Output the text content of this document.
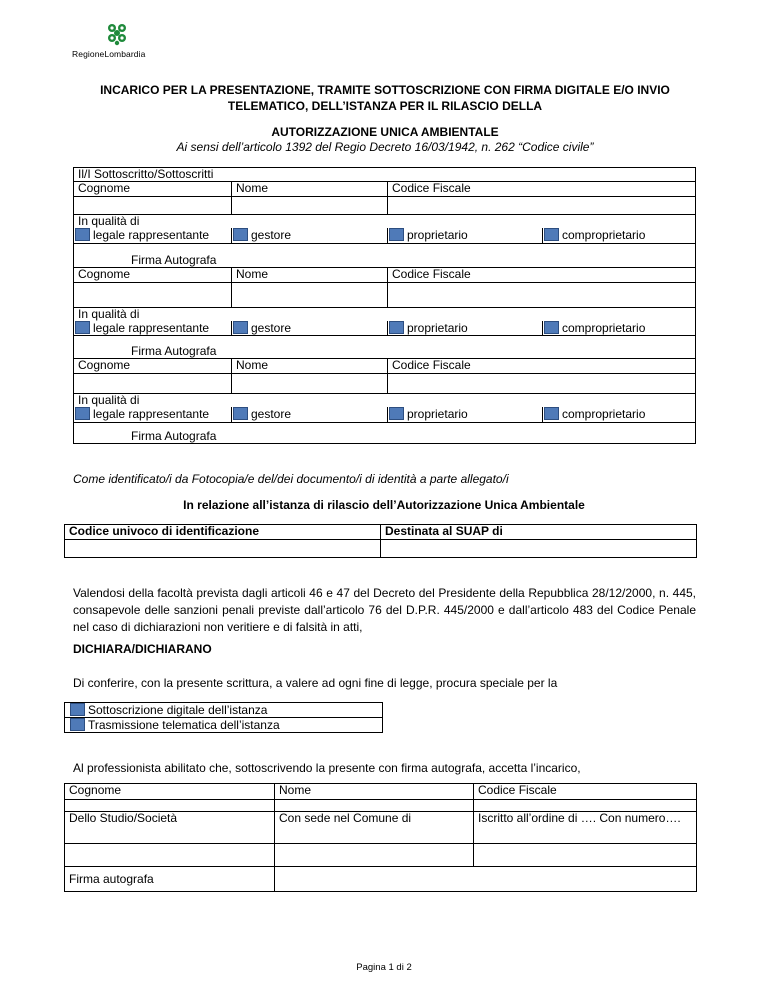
RegioneLombardia
INCARICO PER LA PRESENTAZIONE, TRAMITE SOTTOSCRIZIONE CON FIRMA DIGITALE E/O INVIO
TELEMATICO, DELL’ISTANZA PER IL RILASCIO DELLA
AUTORIZZAZIONE UNICA AMBIENTALE
Ai sensi dell’articolo 1392 del Regio Decreto 16/03/1942, n. 262 “Codice civile”
Il/I Sottoscritto/Sottoscritti			
Cognome	Nome	Codice Fiscale	

In qualità di			
legale rappresentante	gestore	proprietario	comproprietario
Firma Autografa			
Cognome	Nome	Codice Fiscale	

In qualità di			
legale rappresentante	gestore	proprietario	comproprietario
Firma Autografa			
Cognome	Nome	Codice Fiscale	

In qualità di			
legale rappresentante	gestore	proprietario	comproprietario
Firma Autografa			
Come identificato/i da Fotocopia/e del/dei documento/i di identità a parte allegato/i
In relazione all’istanza di rilascio dell’Autorizzazione Unica Ambientale
Codice univoco di identificazione	Destinata al SUAP di

Valendosi della facoltà prevista dagli articoli 46 e 47 del Decreto del Presidente della Repubblica 28/12/2000, n. 445, consapevole delle sanzioni penali previste dall’articolo 76 del D.P.R. 445/2000 e dall’articolo 483 del Codice Penale nel caso di dichiarazioni non veritiere e di falsità in atti,
DICHIARA/DICHIARANO
Di conferire, con la presente scrittura, a valere ad ogni fine di legge, procura speciale per la
Sottoscrizione digitale dell’istanza
Trasmissione telematica dell’istanza
Al professionista abilitato che, sottoscrivendo la presente con firma autografa, accetta l’incarico,
Cognome	Nome	Codice Fiscale

Dello Studio/Società	Con sede nel Comune di	Iscritto all’ordine di …. Con numero….

Firma autografa		
Pagina 1 di 2
